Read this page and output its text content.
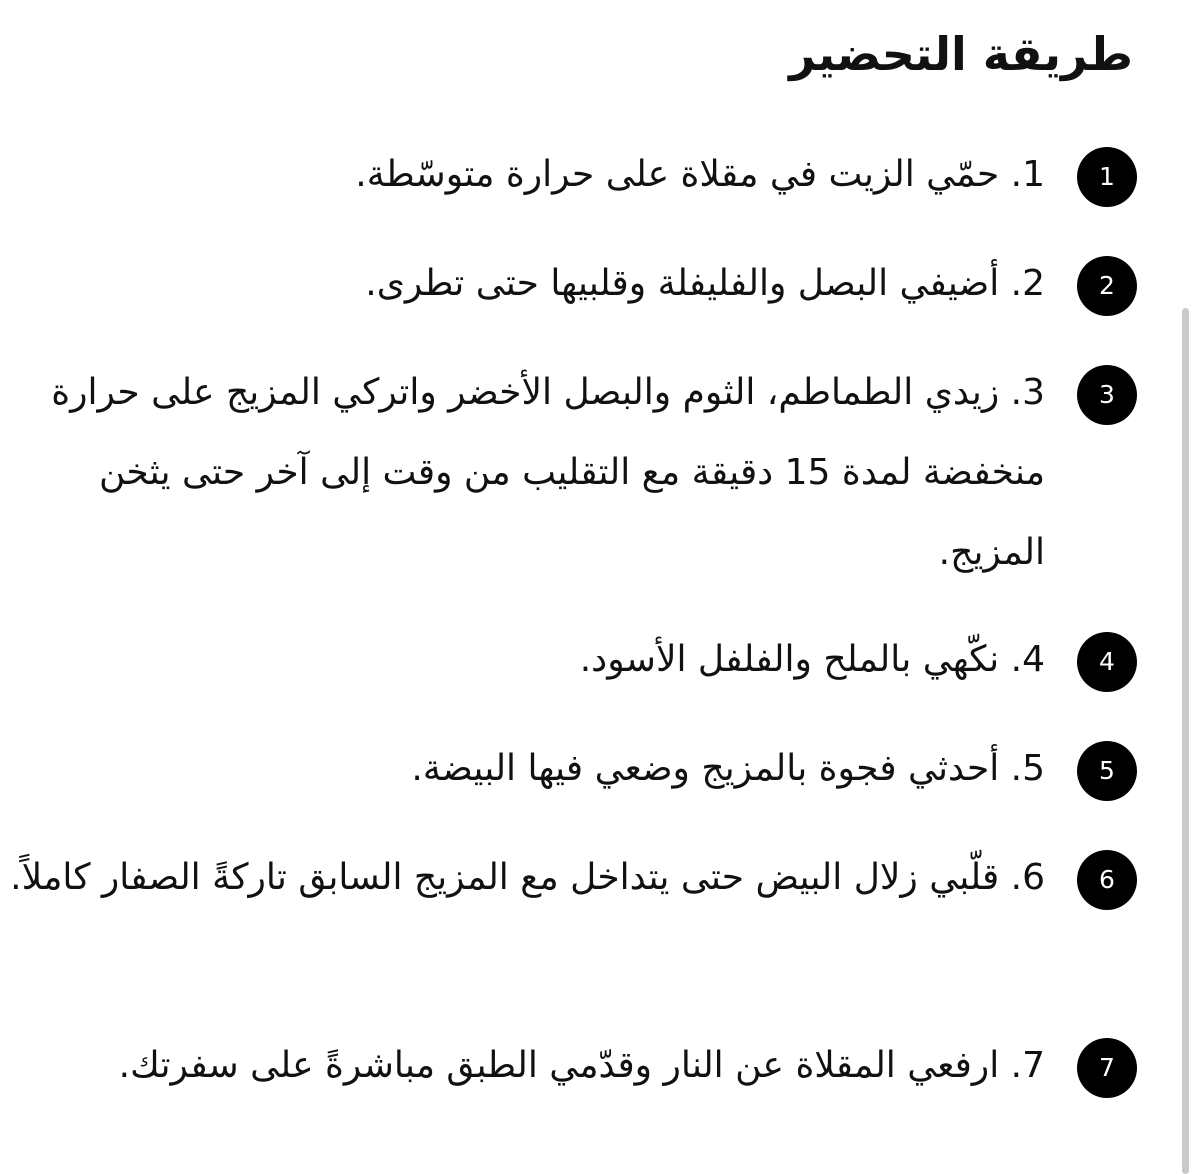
طريقة التحضير
1

1. حمّي الزيت في مقلاة على حرارة متوسّطة.

2

2. أضيفي البصل والفليفلة وقلبيها حتى تطرى.

3

3. زيدي الطماطم، الثوم والبصل الأخضر واتركي المزيج على حرارة منخفضة لمدة 15 دقيقة مع التقليب من وقت إلى آخر حتى يثخن المزيج.

4

4. نكّهي بالملح والفلفل الأسود.

5

5. أحدثي فجوة بالمزيج وضعي فيها البيضة.

6

6. قلّبي زلال البيض حتى يتداخل مع المزيج السابق تاركةً الصفار كاملاً.

7

7. ارفعي المقلاة عن النار وقدّمي الطبق مباشرةً على سفرتك.
